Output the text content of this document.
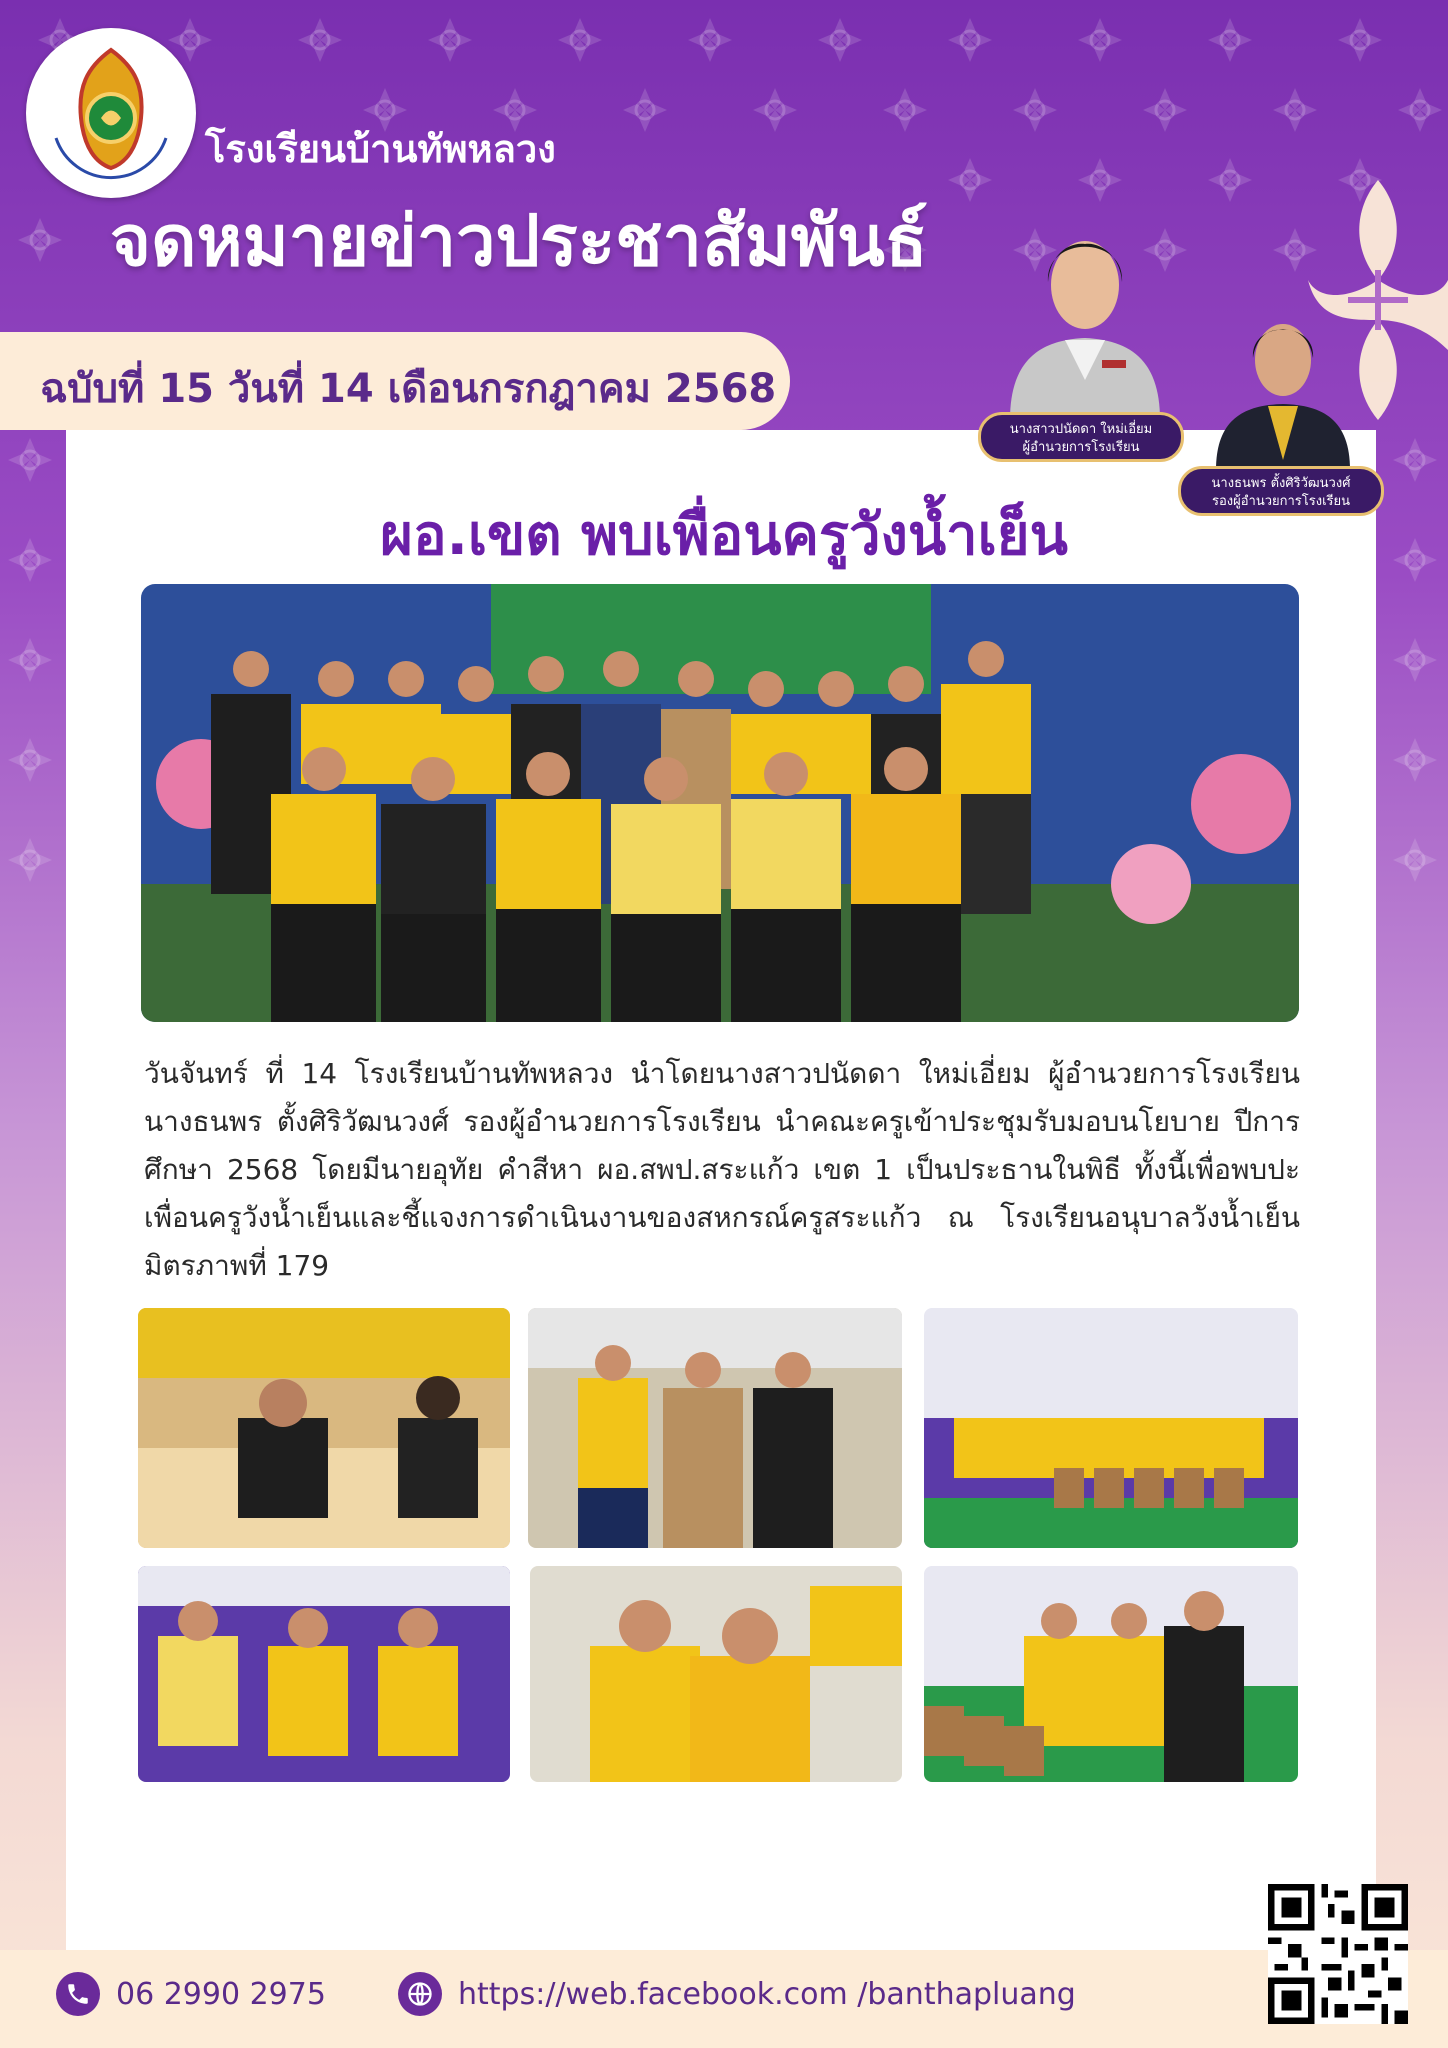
โรงเรียนบ้านทัพหลวง
จดหมายข่าวประชาสัมพันธ์
ฉบับที่ 15 วันที่ 14 เดือนกรกฎาคม 2568
นางสาวปนัดดา ใหม่เอี่ยม
ผู้อำนวยการโรงเรียน
นางธนพร ตั้งศิริวัฒนวงศ์
รองผู้อำนวยการโรงเรียน
ผอ.เขต พบเพื่อนครูวังน้ำเย็น
วันจันทร์ ที่ 14 โรงเรียนบ้านทัพหลวง นำโดยนางสาวปนัดดา ใหม่เอี่ยม ผู้อำนวยการโรงเรียน นางธนพร ตั้งศิริวัฒนวงศ์ รองผู้อำนวยการโรงเรียน นำคณะครูเข้าประชุมรับมอบนโยบาย ปีการศึกษา 2568 โดยมีนายอุทัย คำสีหา ผอ.สพป.สระแก้ว เขต 1 เป็นประธานในพิธี ทั้งนี้เพื่อพบปะเพื่อนครูวังน้ำเย็นและชี้แจงการดำเนินงานของสหกรณ์ครูสระแก้ว ณ โรงเรียนอนุบาลวังน้ำเย็นมิตรภาพที่ 179
06 2990 2975	https://web.facebook.com /banthapluang
